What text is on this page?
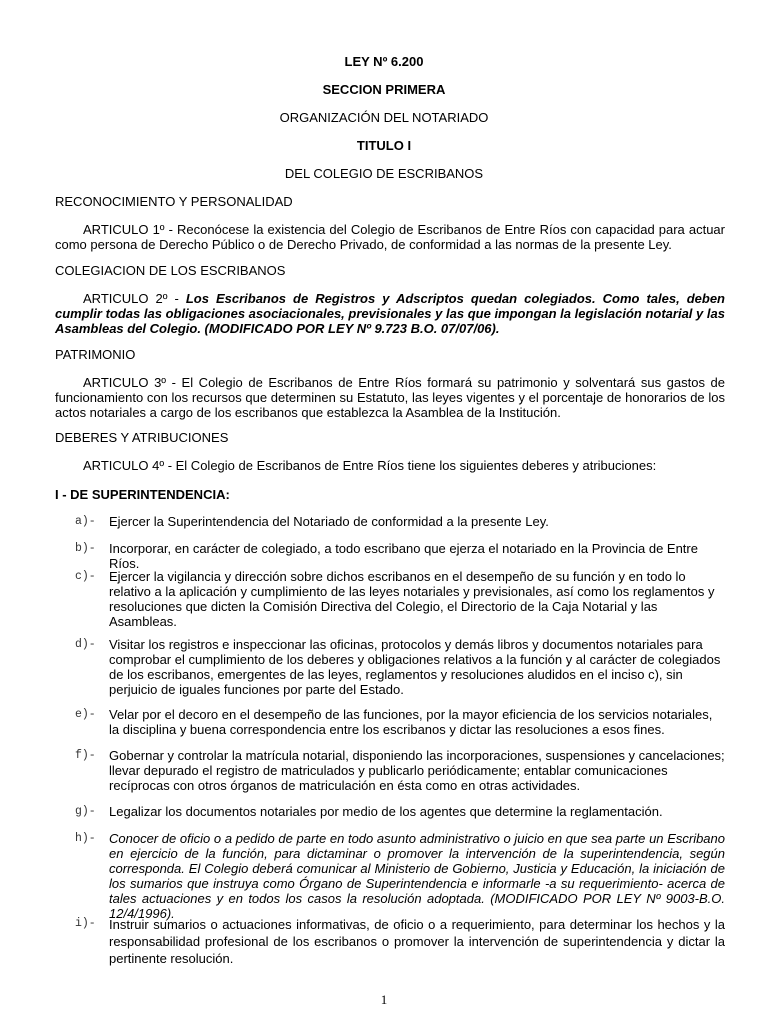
LEY Nº 6.200
SECCION PRIMERA
ORGANIZACIÓN DEL NOTARIADO
TITULO I
DEL COLEGIO DE ESCRIBANOS
RECONOCIMIENTO Y PERSONALIDAD
ARTICULO 1º - Reconócese la existencia del Colegio de Escribanos de Entre Ríos con capacidad para actuar como persona de Derecho Público o de Derecho Privado, de conformidad a las normas de la presente Ley.
COLEGIACION DE LOS ESCRIBANOS
ARTICULO 2º - Los Escribanos de Registros y Adscriptos quedan colegiados. Como tales, deben cumplir todas las obligaciones asociacionales, previsionales y las que impongan la legislación notarial y las Asambleas del Colegio. (MODIFICADO POR LEY Nº 9.723 B.O. 07/07/06).
PATRIMONIO
ARTICULO 3º - El Colegio de Escribanos de Entre Ríos formará su patrimonio y solventará sus gastos de funcionamiento con los recursos que determinen su Estatuto, las leyes vigentes y el porcentaje de honorarios de los actos notariales a cargo de los escribanos que establezca la Asamblea de la Institución.
DEBERES Y ATRIBUCIONES
ARTICULO 4º - El Colegio de Escribanos de Entre Ríos tiene los siguientes deberes y atribuciones:
I - DE SUPERINTENDENCIA:
a)- Ejercer la Superintendencia del Notariado de conformidad a la presente Ley.
b)- Incorporar, en carácter de colegiado, a todo escribano que ejerza el notariado en la Provincia de Entre Ríos.
c)- Ejercer la vigilancia y dirección sobre dichos escribanos en el desempeño de su función y en todo lo relativo a la aplicación y cumplimiento de las leyes notariales y previsionales, así como los reglamentos y resoluciones que dicten la Comisión Directiva del Colegio, el Directorio de la Caja Notarial y las Asambleas.
d)- Visitar los registros e inspeccionar las oficinas, protocolos y demás libros y documentos notariales para comprobar el cumplimiento de los deberes y obligaciones relativos a la función y al carácter de colegiados de los escribanos, emergentes de las leyes, reglamentos y resoluciones aludidos en el inciso c), sin perjuicio de iguales funciones por parte del Estado.
e)- Velar por el decoro en el desempeño de las funciones, por la mayor eficiencia de los servicios notariales, la disciplina y buena correspondencia entre los escribanos y dictar las resoluciones a esos fines.
f)- Gobernar y controlar la matrícula notarial, disponiendo las incorporaciones, suspensiones y cancelaciones; llevar depurado el registro de matriculados y publicarlo periódicamente; entablar comunicaciones recíprocas con otros órganos de matriculación en ésta como en otras actividades.
g)- Legalizar los documentos notariales por medio de los agentes que determine la reglamentación.
h)- Conocer de oficio o a pedido de parte en todo asunto administrativo o juicio en que sea parte un Escribano en ejercicio de la función, para dictaminar o promover la intervención de la superintendencia, según corresponda. El Colegio deberá comunicar al Ministerio de Gobierno, Justicia y Educación, la iniciación de los sumarios que instruya como Órgano de Superintendencia e informarle -a su requerimiento- acerca de tales actuaciones y en todos los casos la resolución adoptada. (MODIFICADO POR LEY Nº 9003-B.O. 12/4/1996).
i)- Instruir sumarios o actuaciones informativas, de oficio o a requerimiento, para determinar los hechos y la responsabilidad profesional de los escribanos o promover la intervención de superintendencia y dictar la pertinente resolución.
1
